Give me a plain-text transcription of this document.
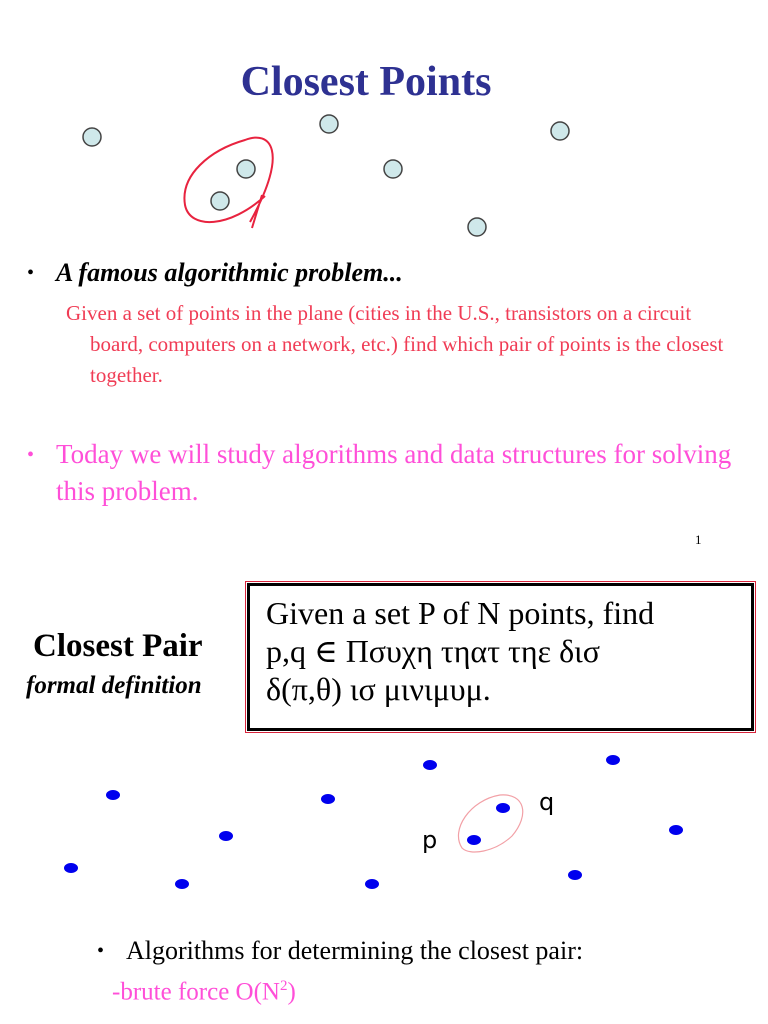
Closest Points
• A famous algorithmic problem...
Given a set of points in the plane (cities in the U.S., transistors on a circuit board, computers on a network, etc.) find which pair of points is the closest together.
• Today we will study algorithms and data structures for solving this problem.
1
Closest Pair
formal definition
Given a set P of N points, find
p,q ∈ Πσυχη τηατ τηε δισ
δ(π,θ) ισ μινιμυμ.
p
q
• Algorithms for determining the closest pair:
-brute force $O(N^2)$
